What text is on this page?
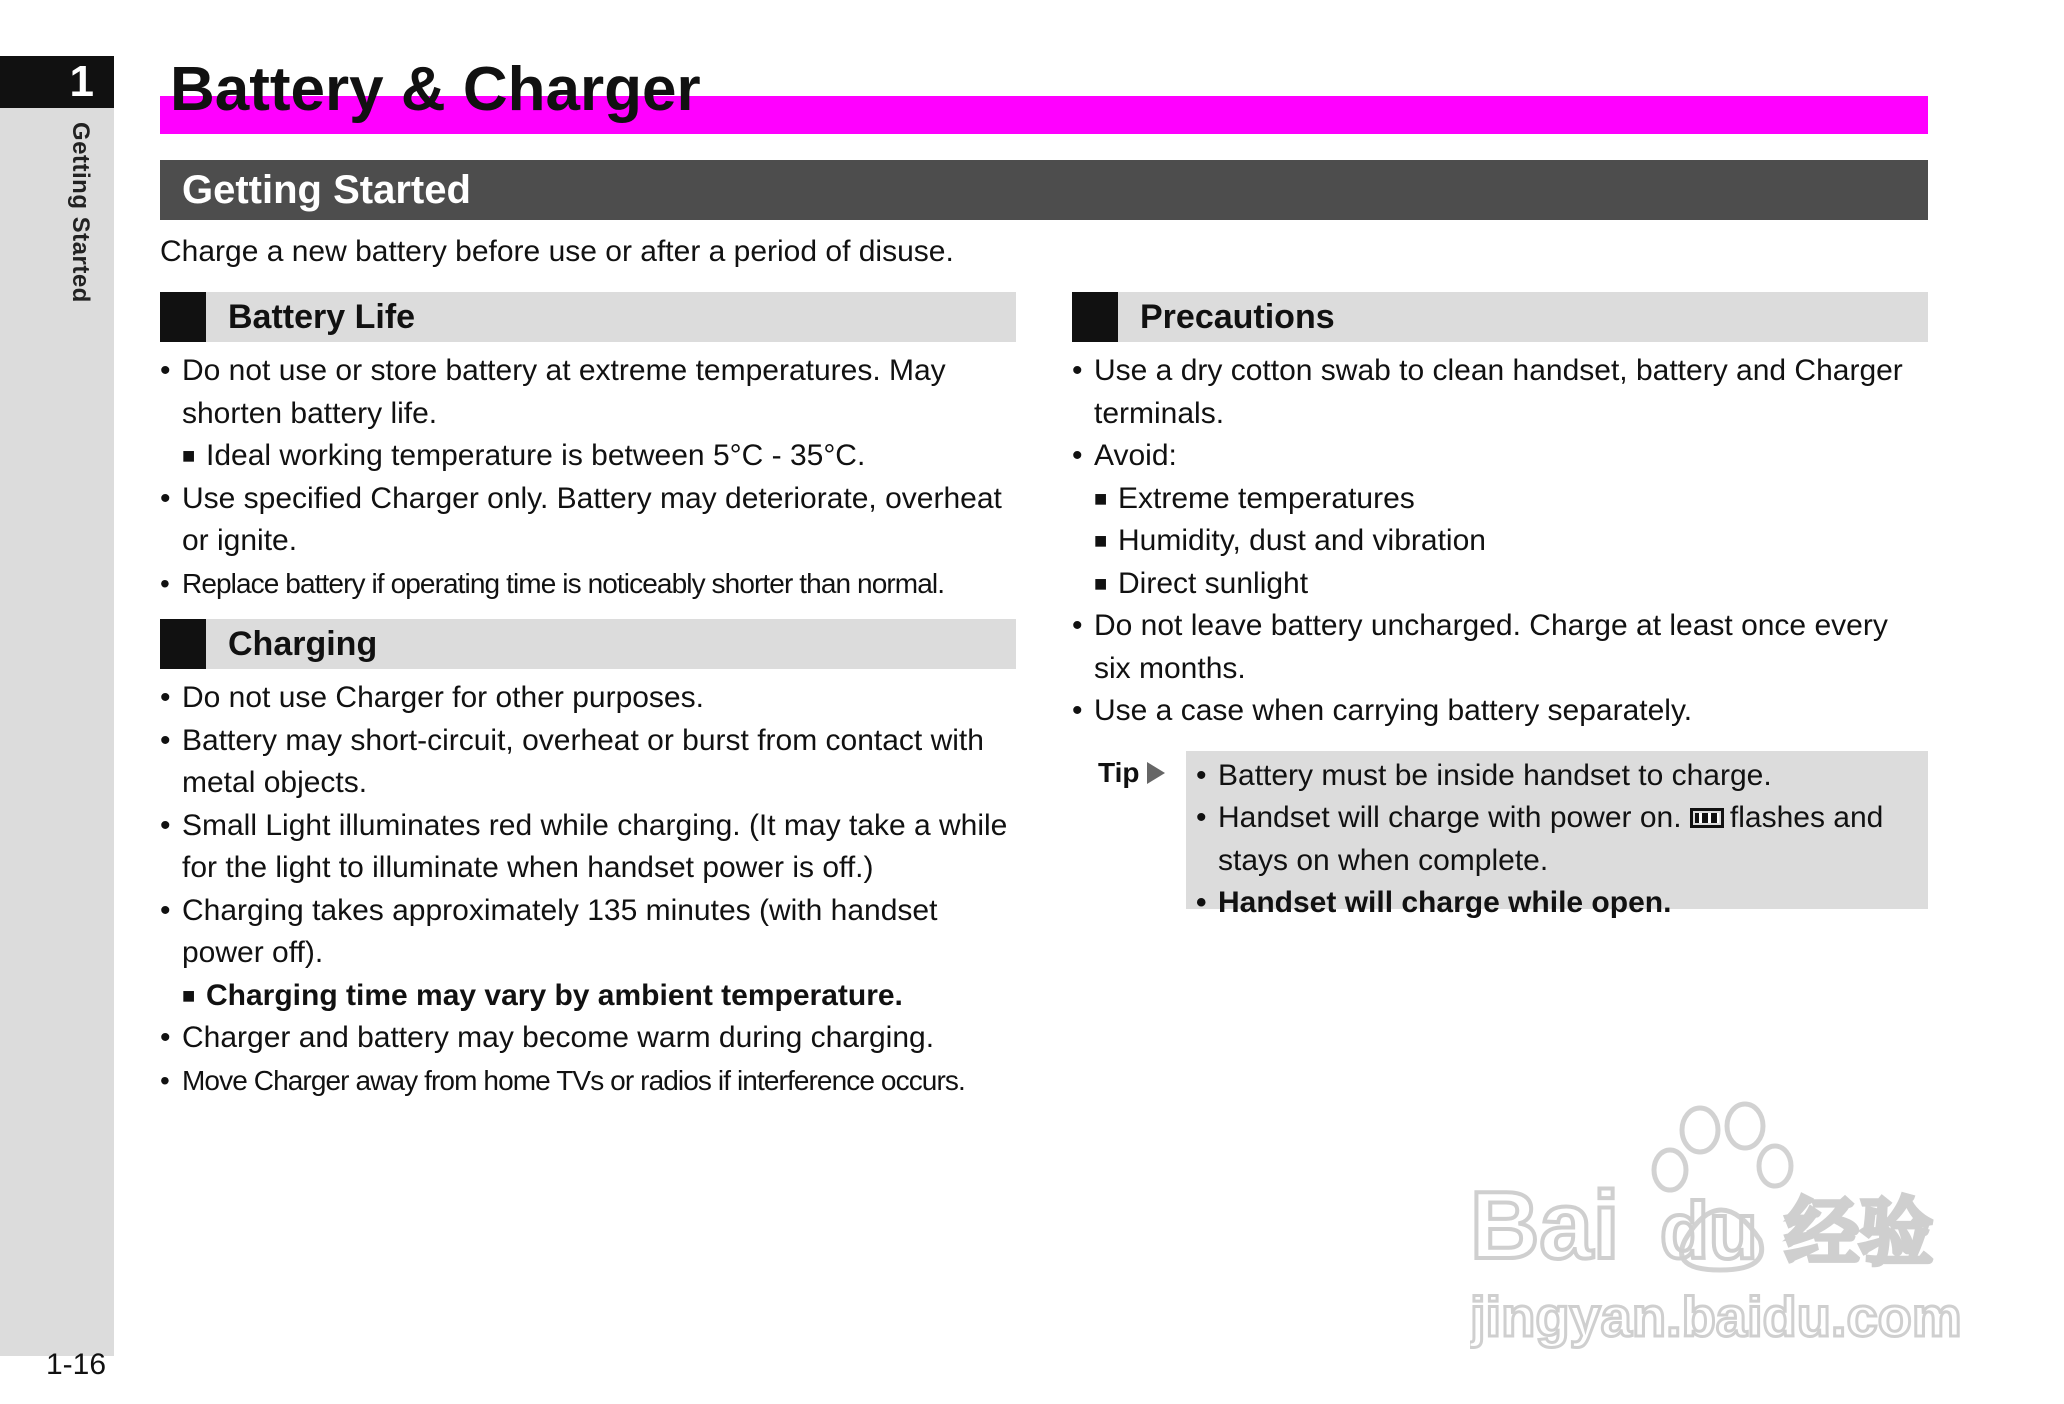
1
Getting Started
1-16
Battery & Charger
Getting Started
Charge a new battery before use or after a period of disuse.
Battery Life
• Do not use or store battery at extreme temperatures. May shorten battery life.
■ Ideal working temperature is between 5°C - 35°C.
• Use specified Charger only. Battery may deteriorate, overheat or ignite.
• Replace battery if operating time is noticeably shorter than normal.
Charging
• Do not use Charger for other purposes.
• Battery may short-circuit, overheat or burst from contact with metal objects.
• Small Light illuminates red while charging. (It may take a while for the light to illuminate when handset power is off.)
• Charging takes approximately 135 minutes (with handset power off).
■ Charging time may vary by ambient temperature.
• Charger and battery may become warm during charging.
• Move Charger away from home TVs or radios if interference occurs.
Precautions
• Use a dry cotton swab to clean handset, battery and Charger terminals.
• Avoid:
■ Extreme temperatures
■ Humidity, dust and vibration
■ Direct sunlight
• Do not leave battery uncharged. Charge at least once every six months.
• Use a case when carrying battery separately.
Tip • Battery must be inside handset to charge.
• Handset will charge with power on. flashes and stays on when complete.
• Handset will charge while open.
Bai du 经验
jingyan.baidu.com
